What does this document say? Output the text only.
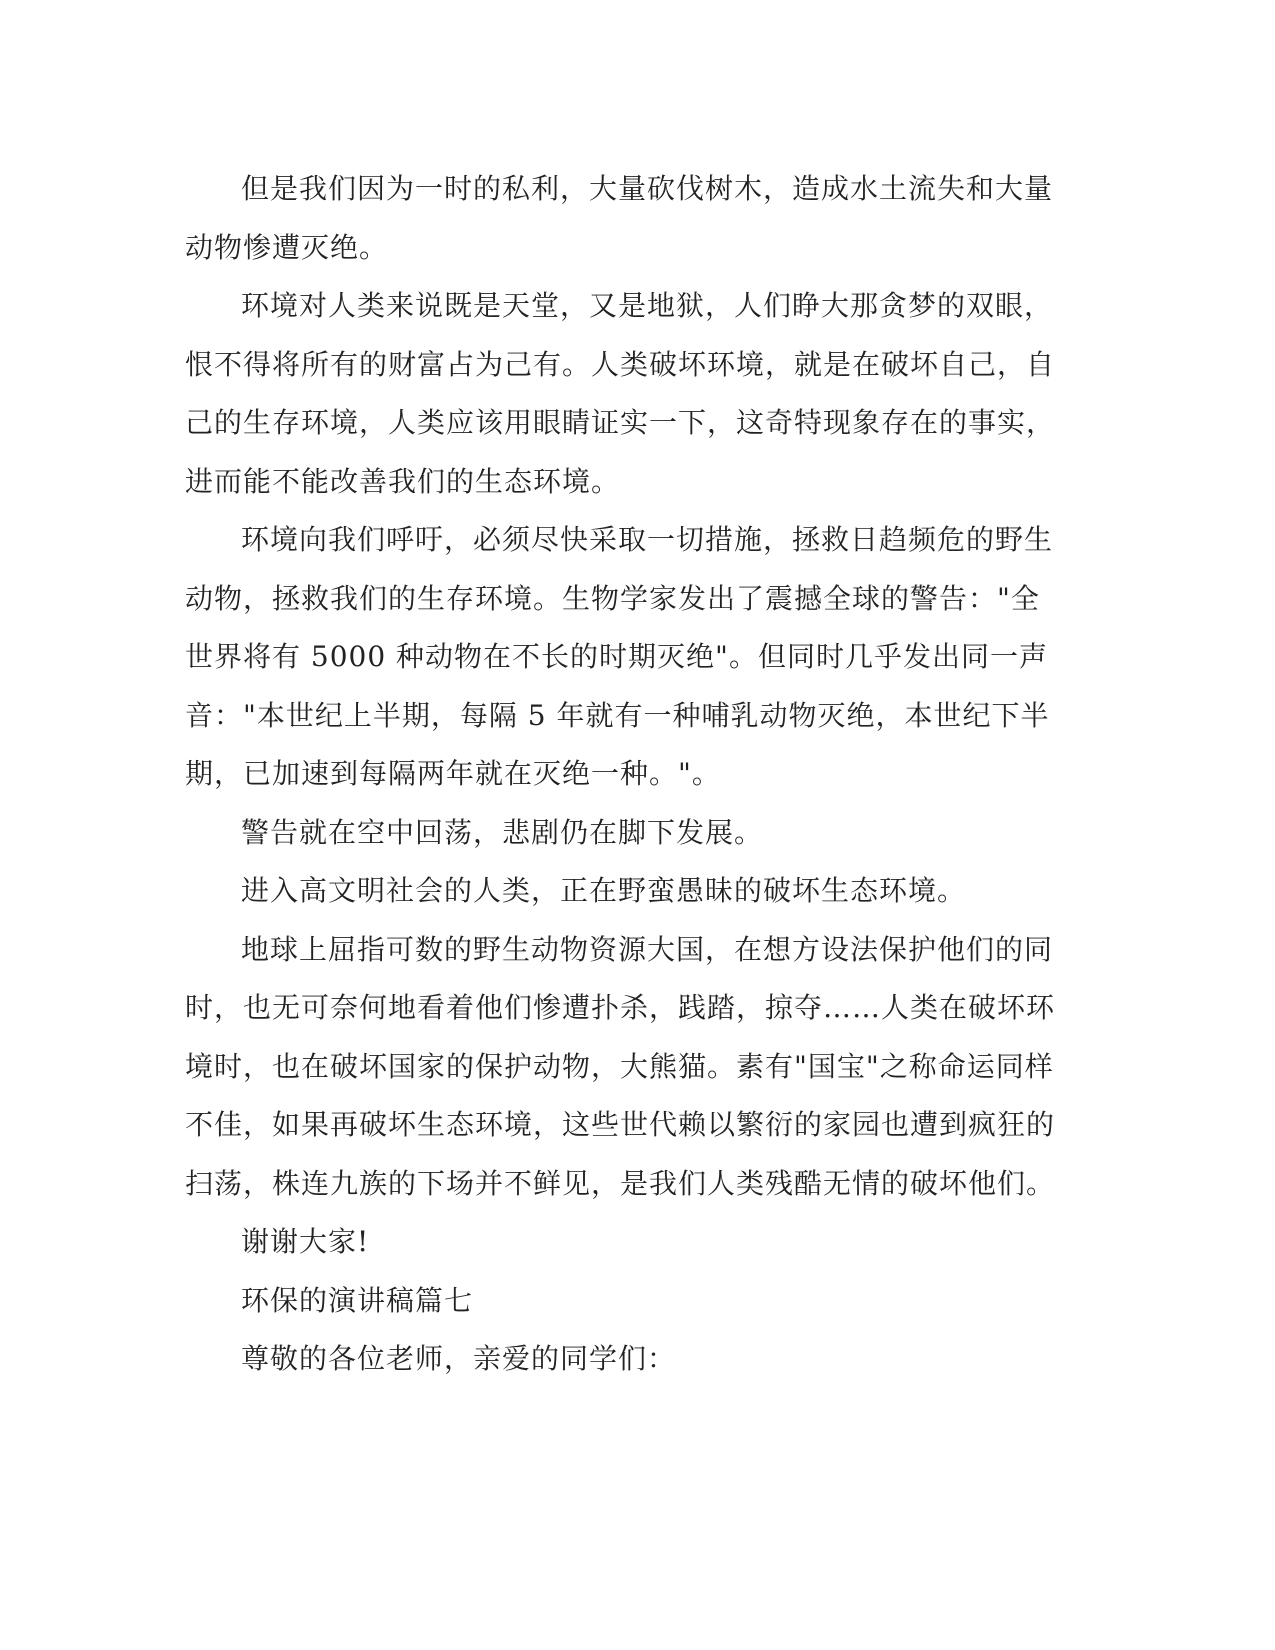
但是我们因为一时的私利，大量砍伐树木，造成水土流失和大量动物惨遭灭绝。

环境对人类来说既是天堂，又是地狱，人们睁大那贪梦的双眼，恨不得将所有的财富占为己有。人类破坏环境，就是在破坏自己，自己的生存环境，人类应该用眼睛证实一下，这奇特现象存在的事实，进而能不能改善我们的生态环境。

环境向我们呼吁，必须尽快采取一切措施，拯救日趋频危的野生动物，拯救我们的生存环境。生物学家发出了震撼全球的警告："全世界将有 5000 种动物在不长的时期灭绝"。但同时几乎发出同一声音："本世纪上半期，每隔 5 年就有一种哺乳动物灭绝，本世纪下半期，已加速到每隔两年就在灭绝一种。"。

警告就在空中回荡，悲剧仍在脚下发展。

进入高文明社会的人类，正在野蛮愚昧的破坏生态环境。

地球上屈指可数的野生动物资源大国，在想方设法保护他们的同时，也无可奈何地看着他们惨遭扑杀，践踏，掠夺……人类在破坏环境时，也在破坏国家的保护动物，大熊猫。素有"国宝"之称命运同样不佳，如果再破坏生态环境，这些世代赖以繁衍的家园也遭到疯狂的扫荡，株连九族的下场并不鲜见，是我们人类残酷无情的破坏他们。

谢谢大家!

环保的演讲稿篇七

尊敬的各位老师，亲爱的同学们：
